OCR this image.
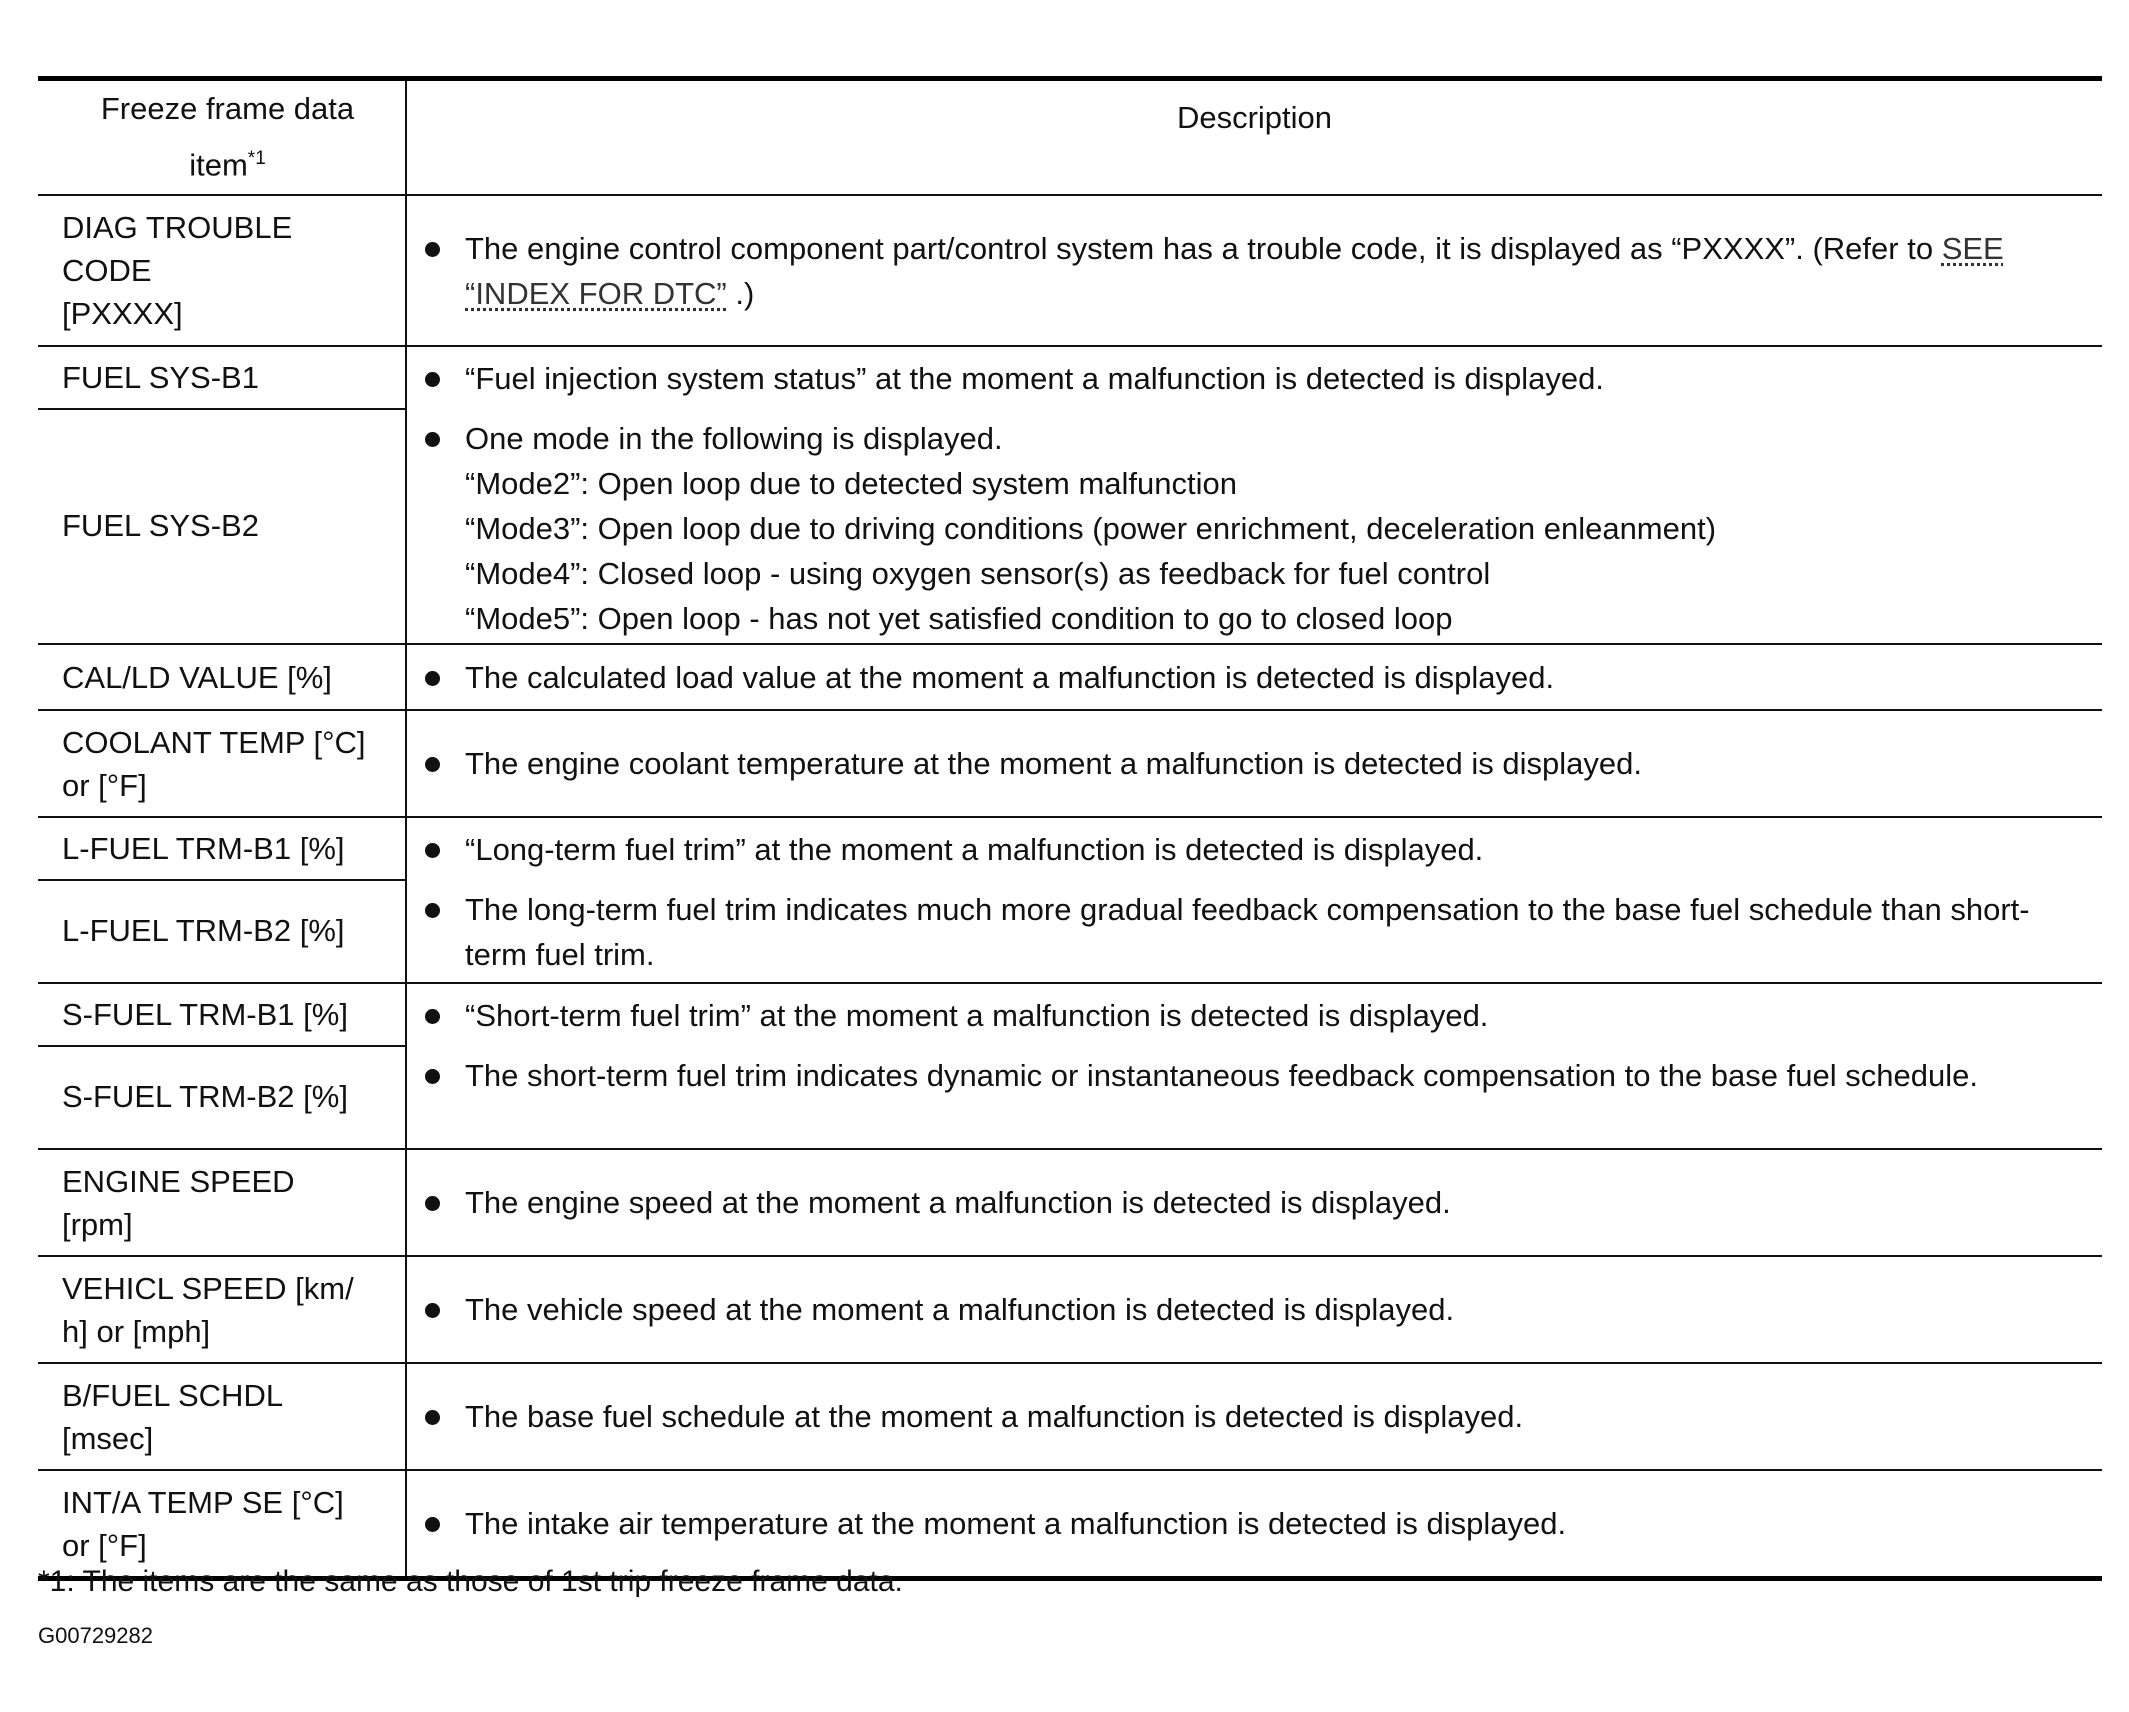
Freeze frame data
item$^{*1}$
Description
DIAG TROUBLE
CODE
[PXXXX]
The engine control component part/control system has a trouble code, it is displayed as “PXXXX”. (Refer to SEE “INDEX FOR DTC” .)
FUEL SYS-B1
FUEL SYS-B2
“Fuel injection system status” at the moment a malfunction is detected is displayed.
One mode in the following is displayed.
“Mode2”: Open loop due to detected system malfunction
“Mode3”: Open loop due to driving conditions (power enrichment, deceleration enleanment)
“Mode4”: Closed loop - using oxygen sensor(s) as feedback for fuel control
“Mode5”: Open loop - has not yet satisfied condition to go to closed loop
CAL/LD VALUE [%]	The calculated load value at the moment a malfunction is detected is displayed.
COOLANT TEMP [°C]
or [°F]
The engine coolant temperature at the moment a malfunction is detected is displayed.
L-FUEL TRM-B1 [%]
L-FUEL TRM-B2 [%]
“Long-term fuel trim” at the moment a malfunction is detected is displayed.
The long-term fuel trim indicates much more gradual feedback compensation to the base fuel schedule than short-term fuel trim.
S-FUEL TRM-B1 [%]
S-FUEL TRM-B2 [%]
“Short-term fuel trim” at the moment a malfunction is detected is displayed.
The short-term fuel trim indicates dynamic or instantaneous feedback compensation to the base fuel schedule.
ENGINE SPEED
[rpm]
The engine speed at the moment a malfunction is detected is displayed.
VEHICL SPEED [km/
h] or [mph]
The vehicle speed at the moment a malfunction is detected is displayed.
B/FUEL SCHDL
[msec]
The base fuel schedule at the moment a malfunction is detected is displayed.
INT/A TEMP SE [°C]
or [°F]
The intake air temperature at the moment a malfunction is detected is displayed.
*1: The items are the same as those of 1st trip freeze frame data.
G00729282
